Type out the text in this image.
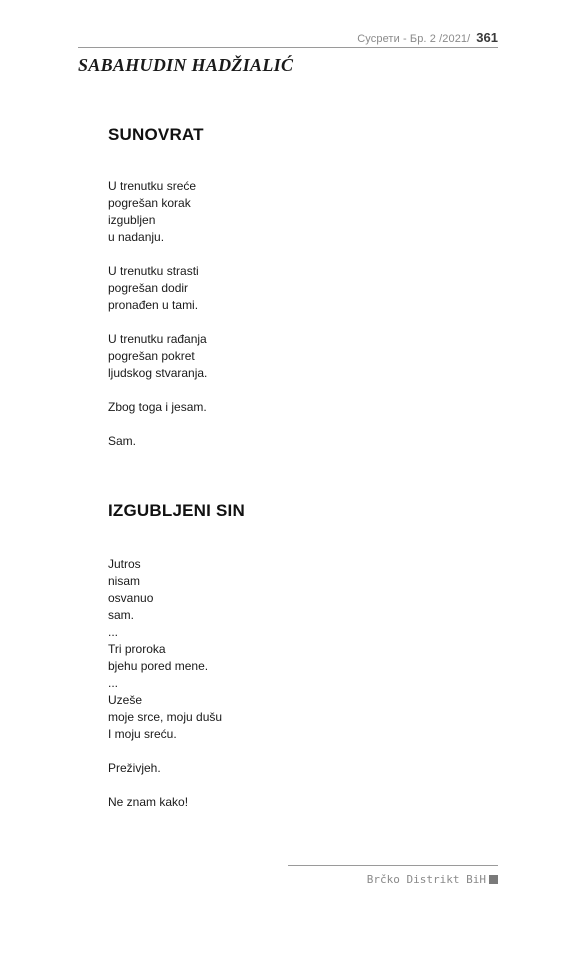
Сусрети - Бр. 2 /2021/ 361
SABAHUDIN HADŽIALIĆ
SUNOVRAT

U trenutku sreće
pogrešan korak
izgubljen
u nadanju.

U trenutku strasti
pogrešan dodir
pronađen u tami.

U trenutku rađanja
pogrešan pokret
ljudskog stvaranja.

Zbog toga i jesam.

Sam.

IZGUBLJENI SIN

Jutros
nisam
osvanuo
sam.
...
Tri proroka
bjehu pored mene.
...
Uzeše
moje srce, moju dušu
I moju sreću.

Preživjeh.

Ne znam kako!

Brčko Distrikt BiH
